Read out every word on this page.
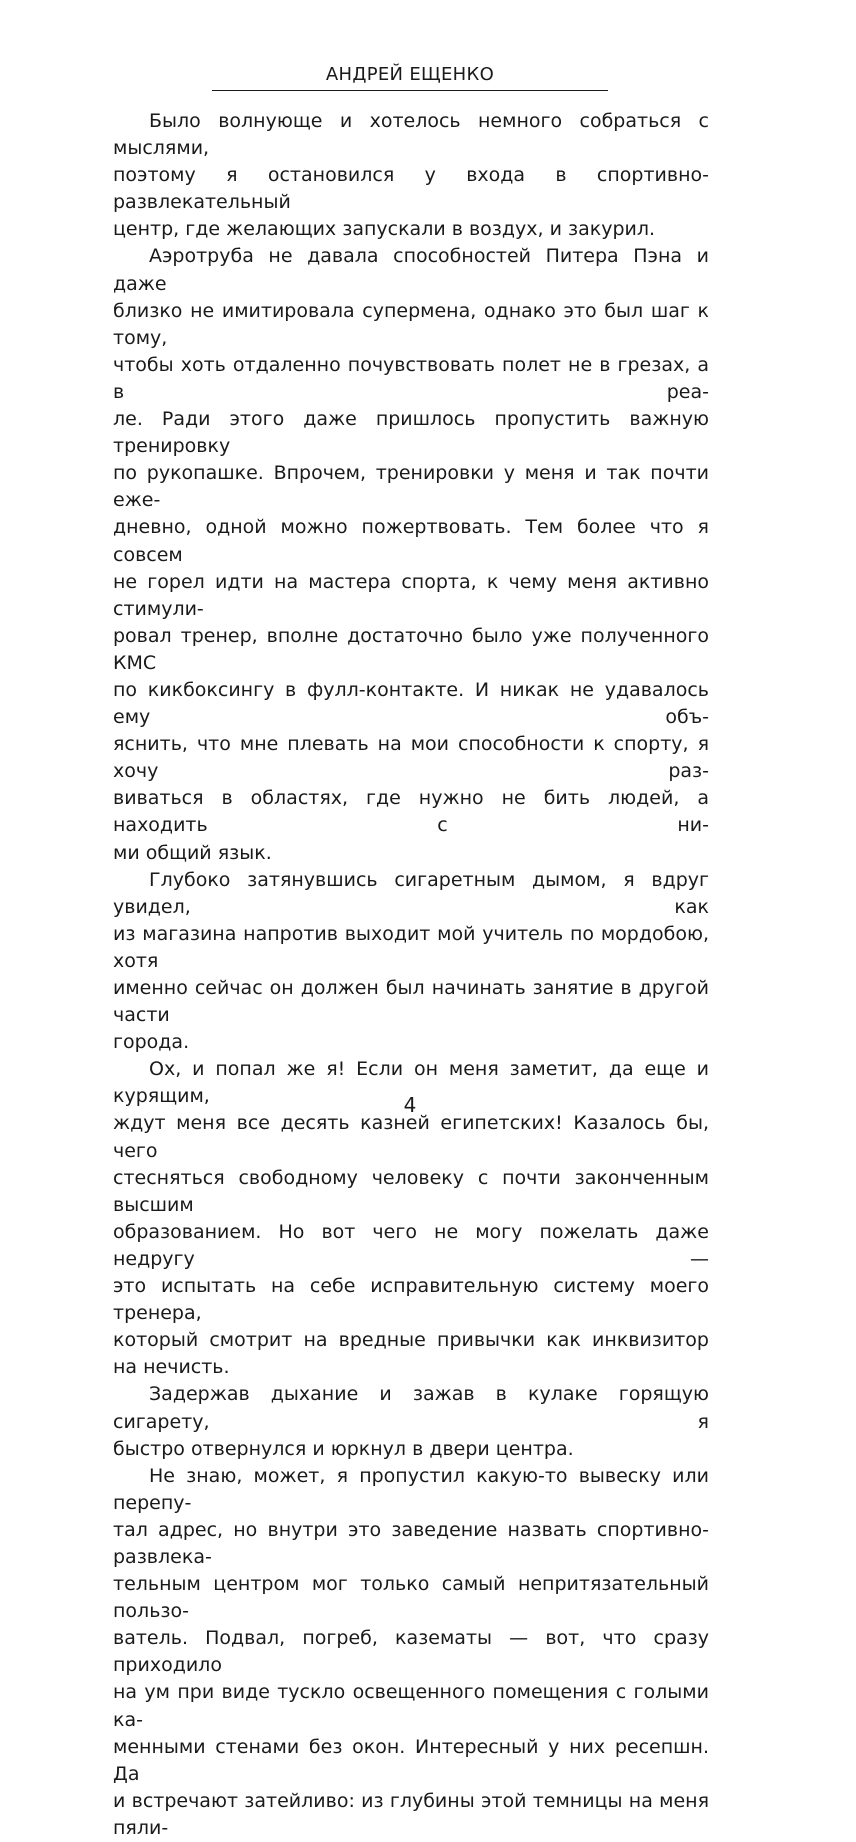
АНДРЕЙ ЕЩЕНКО
Было волнующе и хотелось немного собраться с мыслями,
поэтому я остановился у входа в спортивно-развлекательный
центр, где желающих запускали в воздух, и закурил.
Аэротруба не давала способностей Питера Пэна и даже
близко не имитировала супермена, однако это был шаг к тому,
чтобы хоть отдаленно почувствовать полет не в грезах, а в реа-
ле. Ради этого даже пришлось пропустить важную тренировку
по рукопашке. Впрочем, тренировки у меня и так почти еже-
дневно, одной можно пожертвовать. Тем более что я совсем
не горел идти на мастера спорта, к чему меня активно стимули-
ровал тренер, вполне достаточно было уже полученного КМС
по кикбоксингу в фулл-контакте. И никак не удавалось ему объ-
яснить, что мне плевать на мои способности к спорту, я хочу раз-
виваться в областях, где нужно не бить людей, а находить с ни-
ми общий язык.
Глубоко затянувшись сигаретным дымом, я вдруг увидел, как
из магазина напротив выходит мой учитель по мордобою, хотя
именно сейчас он должен был начинать занятие в другой части
города.
Ох, и попал же я! Если он меня заметит, да еще и курящим,
ждут меня все десять казней египетских! Казалось бы, чего
стесняться свободному человеку с почти законченным высшим
образованием. Но вот чего не могу пожелать даже недругу —
это испытать на себе исправительную систему моего тренера,
который смотрит на вредные привычки как инквизитор
на нечисть.
Задержав дыхание и зажав в кулаке горящую сигарету, я
быстро отвернулся и юркнул в двери центра.
Не знаю, может, я пропустил какую-то вывеску или перепу-
тал адрес, но внутри это заведение назвать спортивно-развлека-
тельным центром мог только самый непритязательный пользо-
ватель. Подвал, погреб, казематы — вот, что сразу приходило
на ум при виде тускло освещенного помещения с голыми ка-
менными стенами без окон. Интересный у них ресепшн. Да
и встречают затейливо: из глубины этой темницы на меня пяли-
4
